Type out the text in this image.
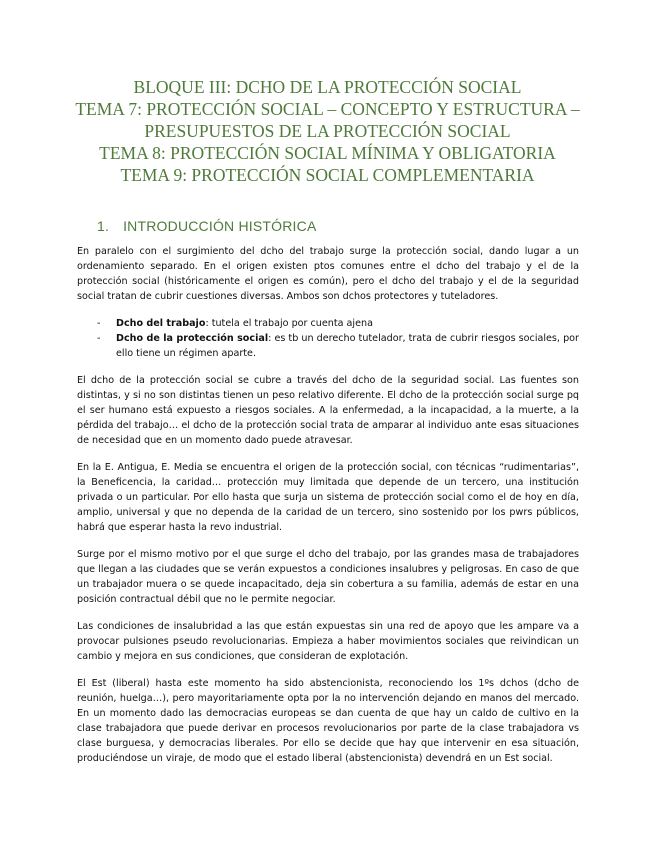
BLOQUE III: DCHO DE LA PROTECCIÓN SOCIAL
TEMA 7: PROTECCIÓN SOCIAL – CONCEPTO Y ESTRUCTURA – PRESUPUESTOS DE LA PROTECCIÓN SOCIAL
TEMA 8: PROTECCIÓN SOCIAL MÍNIMA Y OBLIGATORIA
TEMA 9: PROTECCIÓN SOCIAL COMPLEMENTARIA
1. INTRODUCCIÓN HISTÓRICA

En paralelo con el surgimiento del dcho del trabajo surge la protección social, dando lugar a un ordenamiento separado. En el origen existen ptos comunes entre el dcho del trabajo y el de la protección social (históricamente el origen es común), pero el dcho del trabajo y el de la seguridad social tratan de cubrir cuestiones diversas. Ambos son dchos protectores y tuteladores.

- Dcho del trabajo: tutela el trabajo por cuenta ajena
- Dcho de la protección social: es tb un derecho tutelador, trata de cubrir riesgos sociales, por ello tiene un régimen aparte.

El dcho de la protección social se cubre a través del dcho de la seguridad social. Las fuentes son distintas, y si no son distintas tienen un peso relativo diferente. El dcho de la protección social surge pq el ser humano está expuesto a riesgos sociales. A la enfermedad, a la incapacidad, a la muerte, a la pérdida del trabajo… el dcho de la protección social trata de amparar al individuo ante esas situaciones de necesidad que en un momento dado puede atravesar.

En la E. Antigua, E. Media se encuentra el origen de la protección social, con técnicas “rudimentarias”, la Beneficencia, la caridad… protección muy limitada que depende de un tercero, una institución privada o un particular. Por ello hasta que surja un sistema de protección social como el de hoy en día, amplio, universal y que no dependa de la caridad de un tercero, sino sostenido por los pwrs públicos, habrá que esperar hasta la revo industrial.

Surge por el mismo motivo por el que surge el dcho del trabajo, por las grandes masa de trabajadores que llegan a las ciudades que se verán expuestos a condiciones insalubres y peligrosas. En caso de que un trabajador muera o se quede incapacitado, deja sin cobertura a su familia, además de estar en una posición contractual débil que no le permite negociar.

Las condiciones de insalubridad a las que están expuestas sin una red de apoyo que les ampare va a provocar pulsiones pseudo revolucionarias. Empieza a haber movimientos sociales que reivindican un cambio y mejora en sus condiciones, que consideran de explotación.

El Est (liberal) hasta este momento ha sido abstencionista, reconociendo los 1ºs dchos (dcho de reunión, huelga…), pero mayoritariamente opta por la no intervención dejando en manos del mercado. En un momento dado las democracias europeas se dan cuenta de que hay un caldo de cultivo en la clase trabajadora que puede derivar en procesos revolucionarios por parte de la clase trabajadora vs clase burguesa, y democracias liberales. Por ello se decide que hay que intervenir en esa situación, produciéndose un viraje, de modo que el estado liberal (abstencionista) devendrá en un Est social.
